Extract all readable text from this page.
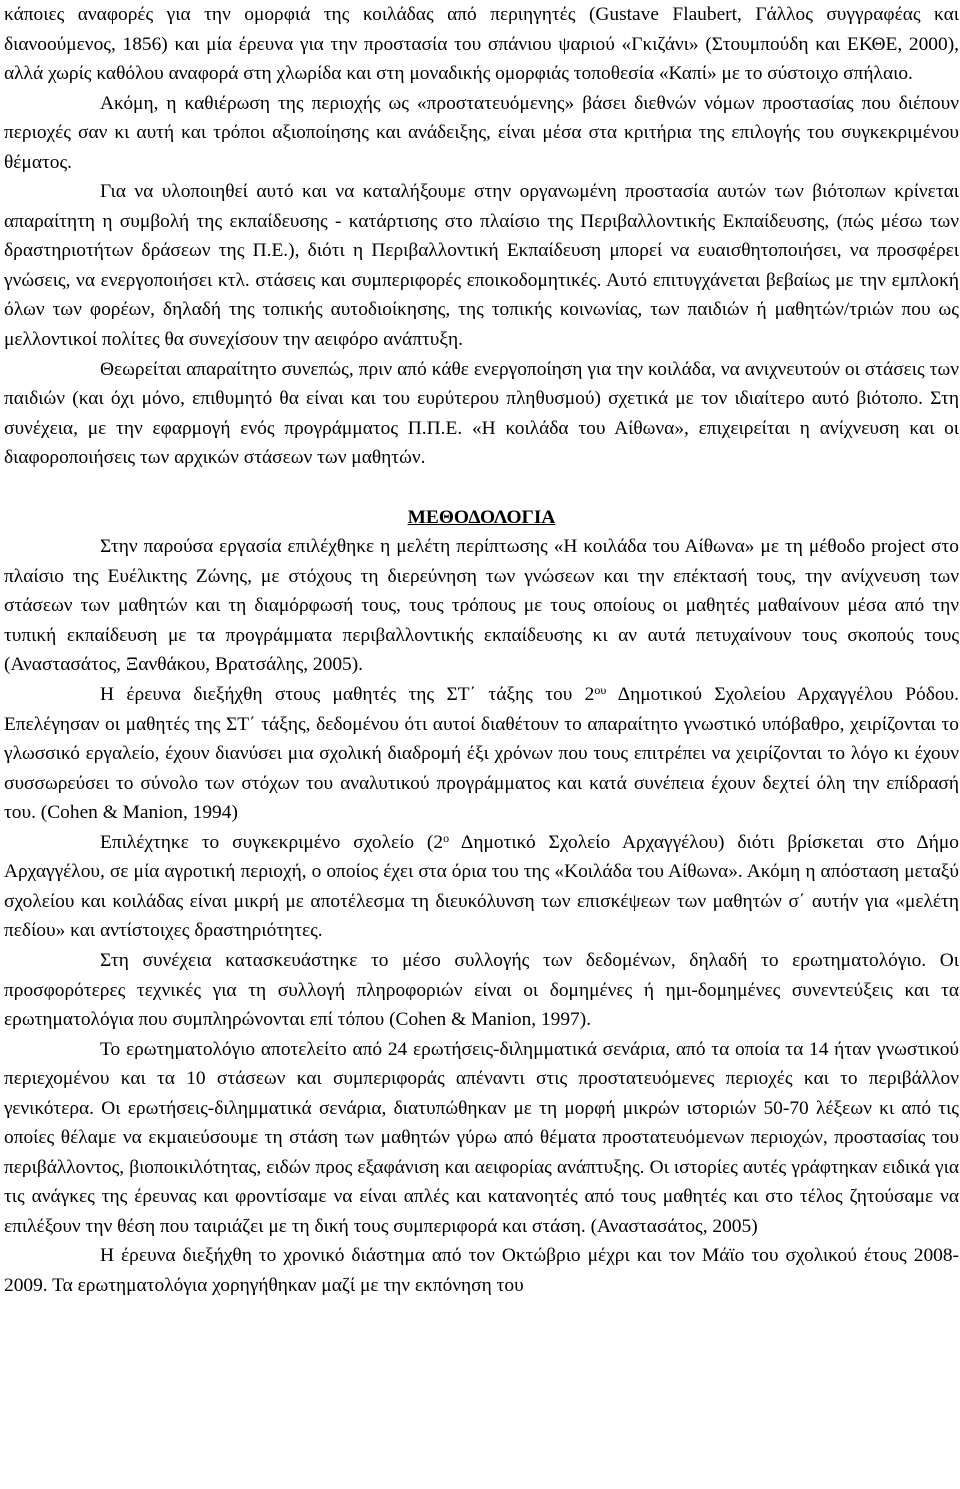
κάποιες αναφορές για την ομορφιά της κοιλάδας από περιηγητές (Gustave Flaubert, Γάλλος συγγραφέας και διανοούμενος, 1856) και μία έρευνα για την προστασία του σπάνιου ψαριού «Γκιζάνι» (Στουμπούδη και ΕΚΘΕ, 2000), αλλά χωρίς καθόλου αναφορά στη χλωρίδα και στη μοναδικής ομορφιάς τοποθεσία «Καπί» με το σύστοιχο σπήλαιο.

Ακόμη, η καθιέρωση της περιοχής ως «προστατευόμενης» βάσει διεθνών νόμων προστασίας που διέπουν περιοχές σαν κι αυτή και τρόποι αξιοποίησης και ανάδειξης, είναι μέσα στα κριτήρια της επιλογής του συγκεκριμένου θέματος.

Για να υλοποιηθεί αυτό και να καταλήξουμε στην οργανωμένη προστασία αυτών των βιότοπων κρίνεται απαραίτητη η συμβολή της εκπαίδευσης - κατάρτισης στο πλαίσιο της Περιβαλλοντικής Εκπαίδευσης, (πώς μέσω των δραστηριοτήτων δράσεων της Π.Ε.), διότι η Περιβαλλοντική Εκπαίδευση μπορεί να ευαισθητοποιήσει, να προσφέρει γνώσεις, να ενεργοποιήσει κτλ. στάσεις και συμπεριφορές εποικοδομητικές. Αυτό επιτυγχάνεται βεβαίως με την εμπλοκή όλων των φορέων, δηλαδή της τοπικής αυτοδιοίκησης, της τοπικής κοινωνίας, των παιδιών ή μαθητών/τριών που ως μελλοντικοί πολίτες θα συνεχίσουν την αειφόρο ανάπτυξη.

Θεωρείται απαραίτητο συνεπώς, πριν από κάθε ενεργοποίηση για την κοιλάδα, να ανιχνευτούν οι στάσεις των παιδιών (και όχι μόνο, επιθυμητό θα είναι και του ευρύτερου πληθυσμού) σχετικά με τον ιδιαίτερο αυτό βιότοπο. Στη συνέχεια, με την εφαρμογή ενός προγράμματος Π.Π.Ε. «Η κοιλάδα του Αίθωνα», επιχειρείται η ανίχνευση και οι διαφοροποιήσεις των αρχικών στάσεων των μαθητών.

ΜΕΘΟΔΟΛΟΓΙΑ

Στην παρούσα εργασία επιλέχθηκε η μελέτη περίπτωσης «Η κοιλάδα του Αίθωνα» με τη μέθοδο project στο πλαίσιο της Ευέλικτης Ζώνης, με στόχους τη διερεύνηση των γνώσεων και την επέκτασή τους, την ανίχνευση των στάσεων των μαθητών και τη διαμόρφωσή τους, τους τρόπους με τους οποίους οι μαθητές μαθαίνουν μέσα από την τυπική εκπαίδευση με τα προγράμματα περιβαλλοντικής εκπαίδευσης κι αν αυτά πετυχαίνουν τους σκοπούς τους (Αναστασάτος, Ξανθάκου, Βρατσάλης, 2005).

Η έρευνα διεξήχθη στους μαθητές της ΣΤ΄ τάξης του $2^{o\upsilon}$ Δημοτικού Σχολείου Αρχαγγέλου Ρόδου. Επελέγησαν οι μαθητές της ΣΤ΄ τάξης, δεδομένου ότι αυτοί διαθέτουν το απαραίτητο γνωστικό υπόβαθρο, χειρίζονται το γλωσσικό εργαλείο, έχουν διανύσει μια σχολική διαδρομή έξι χρόνων που τους επιτρέπει να χειρίζονται το λόγο κι έχουν συσσωρεύσει το σύνολο των στόχων του αναλυτικού προγράμματος και κατά συνέπεια έχουν δεχτεί όλη την επίδρασή του. (Cohen & Manion, 1994)

Επιλέχτηκε το συγκεκριμένο σχολείο ($2^o$ Δημοτικό Σχολείο Αρχαγγέλου) διότι βρίσκεται στο Δήμο Αρχαγγέλου, σε μία αγροτική περιοχή, ο οποίος έχει στα όρια του της «Κοιλάδα του Αίθωνα». Ακόμη η απόσταση μεταξύ σχολείου και κοιλάδας είναι μικρή με αποτέλεσμα τη διευκόλυνση των επισκέψεων των μαθητών σ΄ αυτήν για «μελέτη πεδίου» και αντίστοιχες δραστηριότητες.

Στη συνέχεια κατασκευάστηκε το μέσο συλλογής των δεδομένων, δηλαδή το ερωτηματολόγιο. Οι προσφορότερες τεχνικές για τη συλλογή πληροφοριών είναι οι δομημένες ή ημι-δομημένες συνεντεύξεις και τα ερωτηματολόγια που συμπληρώνονται επί τόπου (Cohen & Manion, 1997).

Το ερωτηματολόγιο αποτελείτο από 24 ερωτήσεις-διλημματικά σενάρια, από τα οποία τα 14 ήταν γνωστικού περιεχομένου και τα 10 στάσεων και συμπεριφοράς απέναντι στις προστατευόμενες περιοχές και το περιβάλλον γενικότερα. Οι ερωτήσεις-διλημματικά σενάρια, διατυπώθηκαν με τη μορφή μικρών ιστοριών 50-70 λέξεων κι από τις οποίες θέλαμε να εκμαιεύσουμε τη στάση των μαθητών γύρω από θέματα προστατευόμενων περιοχών, προστασίας του περιβάλλοντος, βιοποικιλότητας, ειδών προς εξαφάνιση και αειφορίας ανάπτυξης. Οι ιστορίες αυτές γράφτηκαν ειδικά για τις ανάγκες της έρευνας και φροντίσαμε να είναι απλές και κατανοητές από τους μαθητές και στο τέλος ζητούσαμε να επιλέξουν την θέση που ταιριάζει με τη δική τους συμπεριφορά και στάση. (Αναστασάτος, 2005)

Η έρευνα διεξήχθη το χρονικό διάστημα από τον Οκτώβριο μέχρι και τον Μάϊο του σχολικού έτους 2008-2009. Τα ερωτηματολόγια χορηγήθηκαν μαζί με την εκπόνηση του
